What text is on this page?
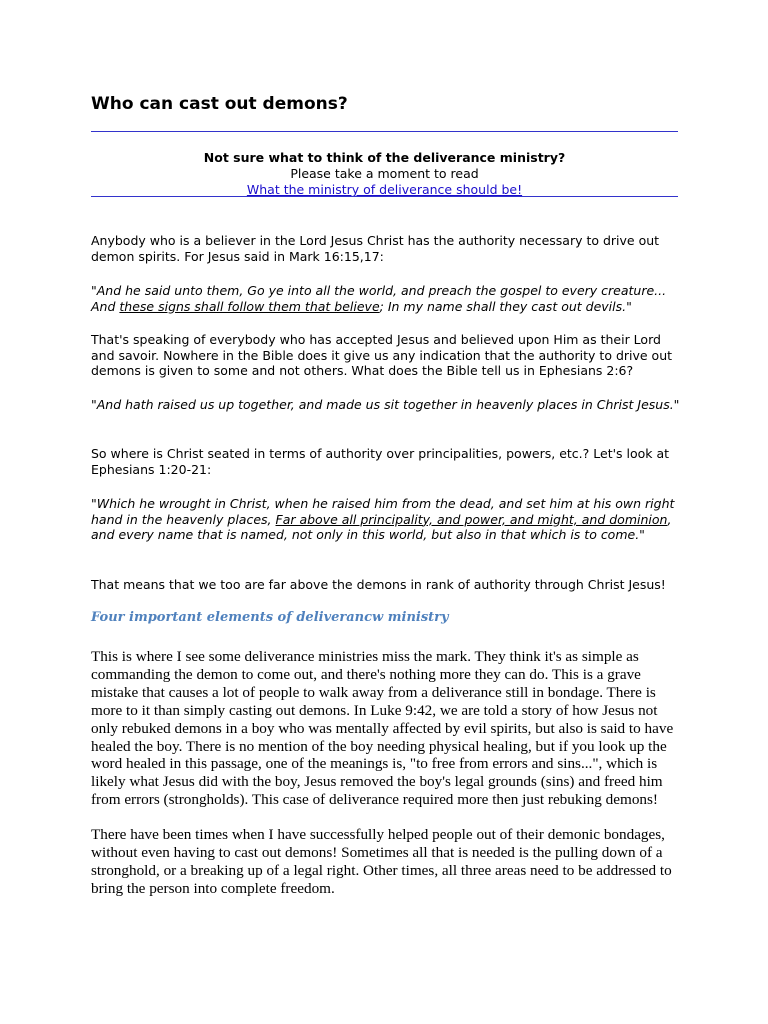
Who can cast out demons?
Not sure what to think of the deliverance ministry?
Please take a moment to read
What the ministry of deliverance should be!

Anybody who is a believer in the Lord Jesus Christ has the authority necessary to drive out demon spirits. For Jesus said in Mark 16:15,17:

"And he said unto them, Go ye into all the world, and preach the gospel to every creature... And these signs shall follow them that believe; In my name shall they cast out devils."

That's speaking of everybody who has accepted Jesus and believed upon Him as their Lord and savoir. Nowhere in the Bible does it give us any indication that the authority to drive out demons is given to some and not others. What does the Bible tell us in Ephesians 2:6?

"And hath raised us up together, and made us sit together in heavenly places in Christ Jesus."

So where is Christ seated in terms of authority over principalities, powers, etc.? Let's look at Ephesians 1:20-21:

"Which he wrought in Christ, when he raised him from the dead, and set him at his own right hand in the heavenly places, Far above all principality, and power, and might, and dominion, and every name that is named, not only in this world, but also in that which is to come."

That means that we too are far above the demons in rank of authority through Christ Jesus!

Four important elements of deliverancw ministry

This is where I see some deliverance ministries miss the mark. They think it's as simple as commanding the demon to come out, and there's nothing more they can do. This is a grave mistake that causes a lot of people to walk away from a deliverance still in bondage. There is more to it than simply casting out demons. In Luke 9:42, we are told a story of how Jesus not only rebuked demons in a boy who was mentally affected by evil spirits, but also is said to have healed the boy. There is no mention of the boy needing physical healing, but if you look up the word healed in this passage, one of the meanings is, "to free from errors and sins...", which is likely what Jesus did with the boy, Jesus removed the boy's legal grounds (sins) and freed him from errors (strongholds). This case of deliverance required more then just rebuking demons!

There have been times when I have successfully helped people out of their demonic bondages, without even having to cast out demons! Sometimes all that is needed is the pulling down of a stronghold, or a breaking up of a legal right. Other times, all three areas need to be addressed to bring the person into complete freedom.
